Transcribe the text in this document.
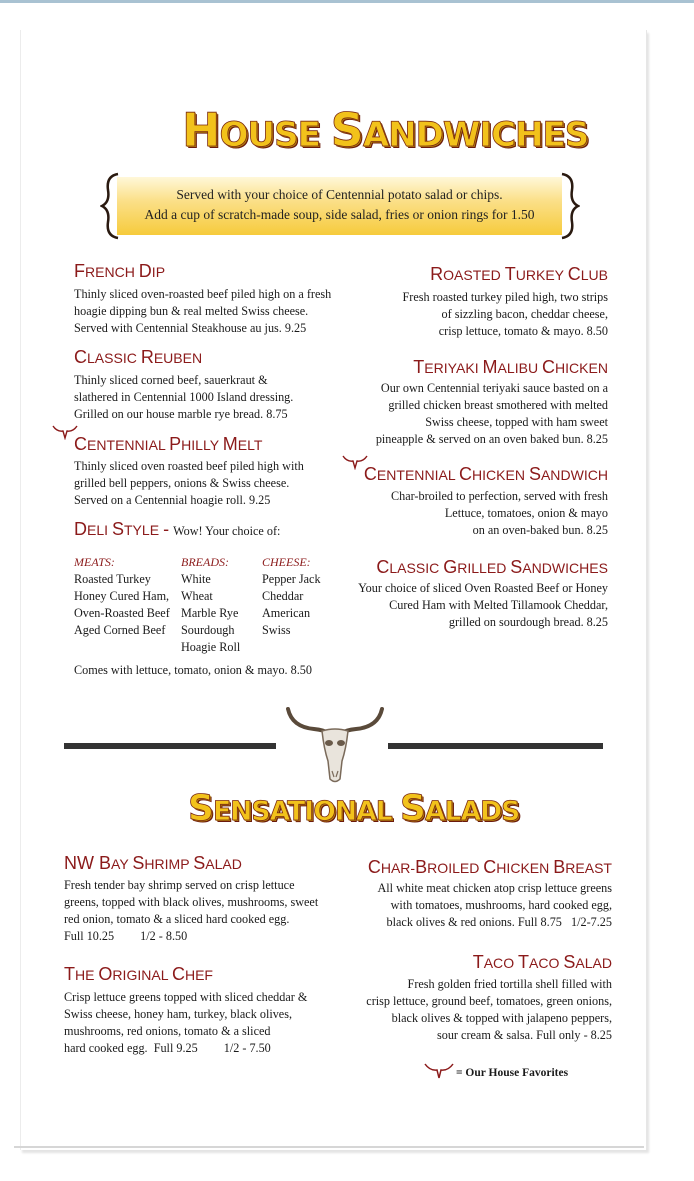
HOUSE SANDWICHES
Served with your choice of Centennial potato salad or chips.
Add a cup of scratch-made soup, side salad, fries or onion rings for 1.50
FRENCH DIP
Thinly sliced oven-roasted beef piled high on a fresh
hoagie dipping bun & real melted Swiss cheese.
Served with Centennial Steakhouse au jus. 9.25
CLASSIC REUBEN
Thinly sliced corned beef, sauerkraut &
slathered in Centennial 1000 Island dressing.
Grilled on our house marble rye bread. 8.75
CENTENNIAL PHILLY MELT
Thinly sliced oven roasted beef piled high with
grilled bell peppers, onions & Swiss cheese.
Served on a Centennial hoagie roll. 9.25
DELI STYLE - Wow! Your choice of:
MEATS:
Roasted Turkey
Honey Cured Ham,
Oven-Roasted Beef
Aged Corned Beef
BREADS:
White
Wheat
Marble Rye
Sourdough
Hoagie Roll
CHEESE:
Pepper Jack
Cheddar
American
Swiss
Comes with lettuce, tomato, onion & mayo. 8.50
ROASTED TURKEY CLUB
Fresh roasted turkey piled high, two strips
of sizzling bacon, cheddar cheese,
crisp lettuce, tomato & mayo. 8.50
TERIYAKI MALIBU CHICKEN
Our own Centennial teriyaki sauce basted on a
grilled chicken breast smothered with melted
Swiss cheese, topped with ham sweet
pineapple & served on an oven baked bun. 8.25
CENTENNIAL CHICKEN SANDWICH
Char-broiled to perfection, served with fresh
Lettuce, tomatoes, onion & mayo
on an oven-baked bun. 8.25
CLASSIC GRILLED SANDWICHES
Your choice of sliced Oven Roasted Beef or Honey
Cured Ham with Melted Tillamook Cheddar,
grilled on sourdough bread. 8.25
SENSATIONAL SALADS
NW BAY SHRIMP SALAD
Fresh tender bay shrimp served on crisp lettuce
greens, topped with black olives, mushrooms, sweet
red onion, tomato & a sliced hard cooked egg.
Full 10.25 1/2 - 8.50
THE ORIGINAL CHEF
Crisp lettuce greens topped with sliced cheddar &
Swiss cheese, honey ham, turkey, black olives,
mushrooms, red onions, tomato & a sliced
hard cooked egg. Full 9.25 1/2 - 7.50
CHAR-BROILED CHICKEN BREAST
All white meat chicken atop crisp lettuce greens
with tomatoes, mushrooms, hard cooked egg,
black olives & red onions. Full 8.75 1/2-7.25
TACO TACO SALAD
Fresh golden fried tortilla shell filled with
crisp lettuce, ground beef, tomatoes, green onions,
black olives & topped with jalapeno peppers,
sour cream & salsa. Full only - 8.25
= Our House Favorites
